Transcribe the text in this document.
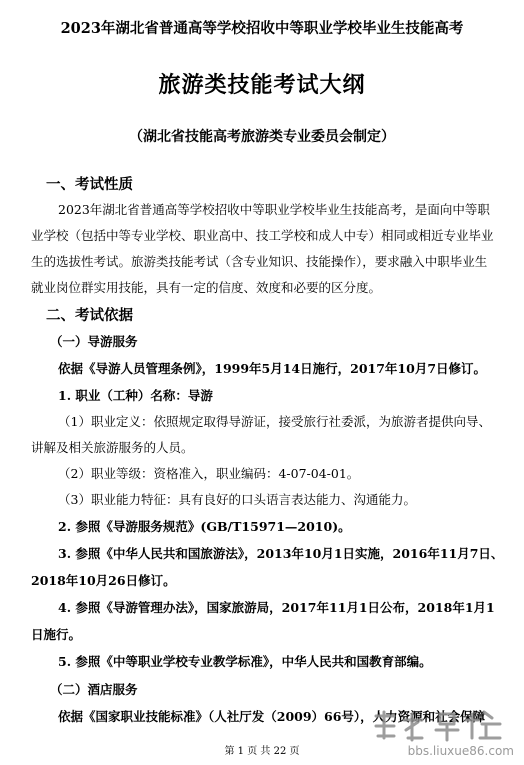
2023年湖北省普通高等学校招收中等职业学校毕业生技能高考
旅游类技能考试大纲
（湖北省技能高考旅游类专业委员会制定）
一、考试性质
2023年湖北省普通高等学校招收中等职业学校毕业生技能高考，是面向中等职
业学校（包括中等专业学校、职业高中、技工学校和成人中专）相同或相近专业毕业
生的选拔性考试。旅游类技能考试（含专业知识、技能操作），要求融入中职毕业生
就业岗位群实用技能，具有一定的信度、效度和必要的区分度。
二、考试依据
（一）导游服务
依据《导游人员管理条例》，1999年5月14日施行，2017年10月7日修订。
1. 职业（工种）名称：导游
（1）职业定义：依照规定取得导游证，接受旅行社委派，为旅游者提供向导、
讲解及相关旅游服务的人员。
（2）职业等级：资格准入，职业编码：4-07-04-01。
（3）职业能力特征：具有良好的口头语言表达能力、沟通能力。
2. 参照《导游服务规范》(GB/T15971—2010)。
3. 参照《中华人民共和国旅游法》，2013年10月1日实施，2016年11月7日、
2018年10月26日修订。
4. 参照《导游管理办法》，国家旅游局，2017年11月1日公布，2018年1月1
日施行。
5. 参照《中等职业学校专业教学标准》，中华人民共和国教育部编。
（二）酒店服务
依据《国家职业技能标准》（人社厅发（2009）66号），人力资源和社会保障
第 1 页 共 22 页	bbs.liuxue86.com
